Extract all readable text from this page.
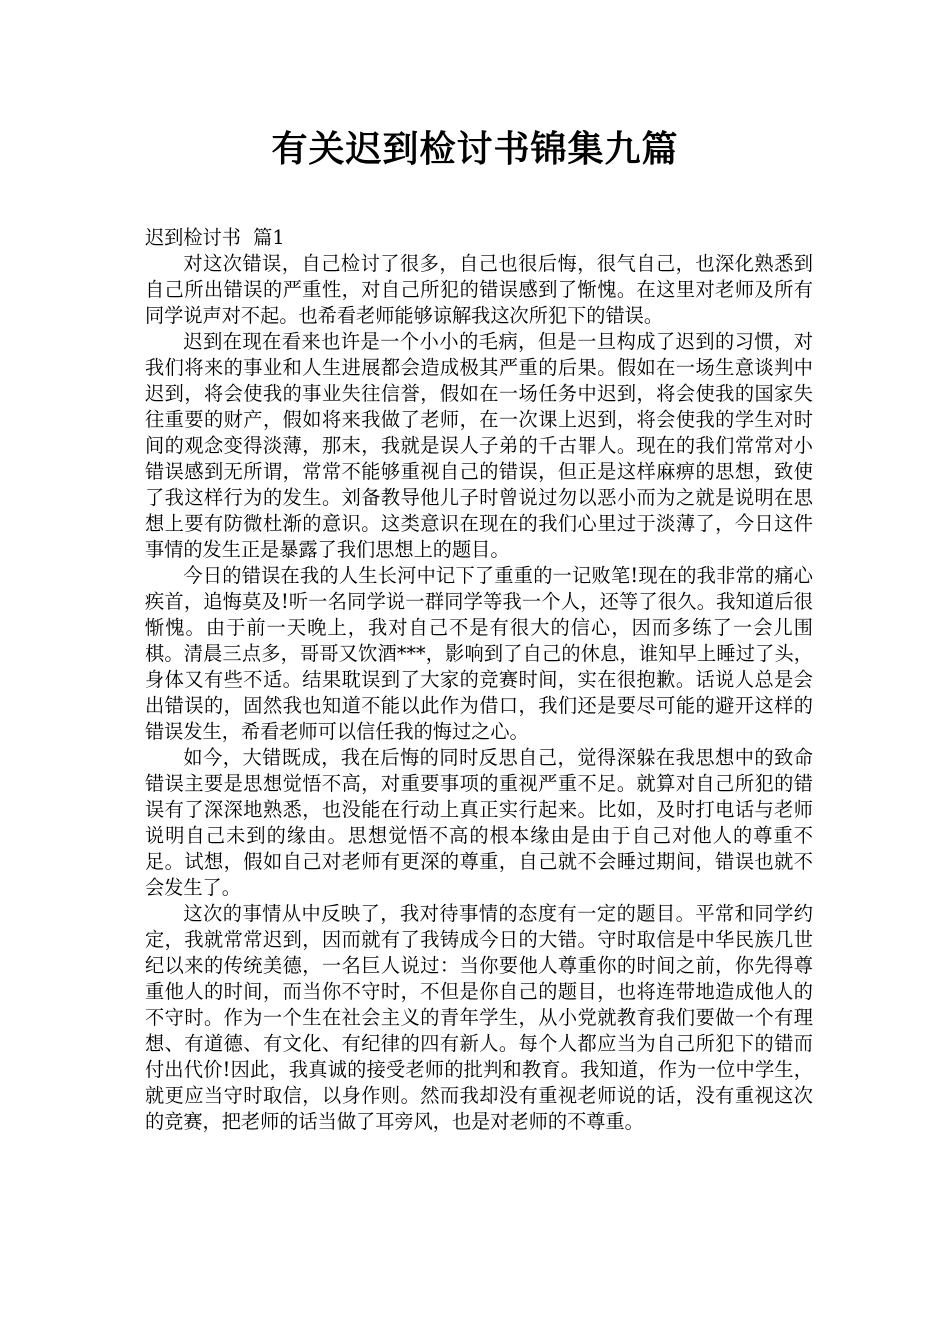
有关迟到检讨书锦集九篇

迟到检讨书  篇1

对这次错误，自己检讨了很多，自己也很后悔，很气自己，也深化熟悉到自己所出错误的严重性，对自己所犯的错误感到了惭愧。在这里对老师及所有同学说声对不起。也希看老师能够谅解我这次所犯下的错误。

迟到在现在看来也许是一个小小的毛病，但是一旦构成了迟到的习惯，对我们将来的事业和人生进展都会造成极其严重的后果。假如在一场生意谈判中迟到，将会使我的事业失往信誉，假如在一场任务中迟到，将会使我的国家失往重要的财产，假如将来我做了老师，在一次课上迟到，将会使我的学生对时间的观念变得淡薄，那末，我就是误人子弟的千古罪人。现在的我们常常对小错误感到无所谓，常常不能够重视自己的错误，但正是这样麻痹的思想，致使了我这样行为的发生。刘备教导他儿子时曾说过勿以恶小而为之就是说明在思想上要有防微杜渐的意识。这类意识在现在的我们心里过于淡薄了，今日这件事情的发生正是暴露了我们思想上的题目。

今日的错误在我的人生长河中记下了重重的一记败笔!现在的我非常的痛心疾首，追悔莫及!听一名同学说一群同学等我一个人，还等了很久。我知道后很惭愧。由于前一天晚上，我对自己不是有很大的信心，因而多练了一会儿围棋。清晨三点多，哥哥又饮酒***，影响到了自己的休息，谁知早上睡过了头，身体又有些不适。结果耽误到了大家的竞赛时间，实在很抱歉。话说人总是会出错误的，固然我也知道不能以此作为借口，我们还是要尽可能的避开这样的错误发生，希看老师可以信任我的悔过之心。

如今，大错既成，我在后悔的同时反思自己，觉得深躲在我思想中的致命错误主要是思想觉悟不高，对重要事项的重视严重不足。就算对自己所犯的错误有了深深地熟悉，也没能在行动上真正实行起来。比如，及时打电话与老师说明自己未到的缘由。思想觉悟不高的根本缘由是由于自己对他人的尊重不足。试想，假如自己对老师有更深的尊重，自己就不会睡过期间，错误也就不会发生了。

这次的事情从中反映了，我对待事情的态度有一定的题目。平常和同学约定，我就常常迟到，因而就有了我铸成今日的大错。守时取信是中华民族几世纪以来的传统美德，一名巨人说过：当你要他人尊重你的时间之前，你先得尊重他人的时间，而当你不守时，不但是你自己的题目，也将连带地造成他人的不守时。作为一个生在社会主义的青年学生，从小党就教育我们要做一个有理想、有道德、有文化、有纪律的四有新人。每个人都应当为自己所犯下的错而付出代价!因此，我真诚的接受老师的批判和教育。我知道，作为一位中学生，就更应当守时取信，以身作则。然而我却没有重视老师说的话，没有重视这次的竞赛，把老师的话当做了耳旁风，也是对老师的不尊重。
